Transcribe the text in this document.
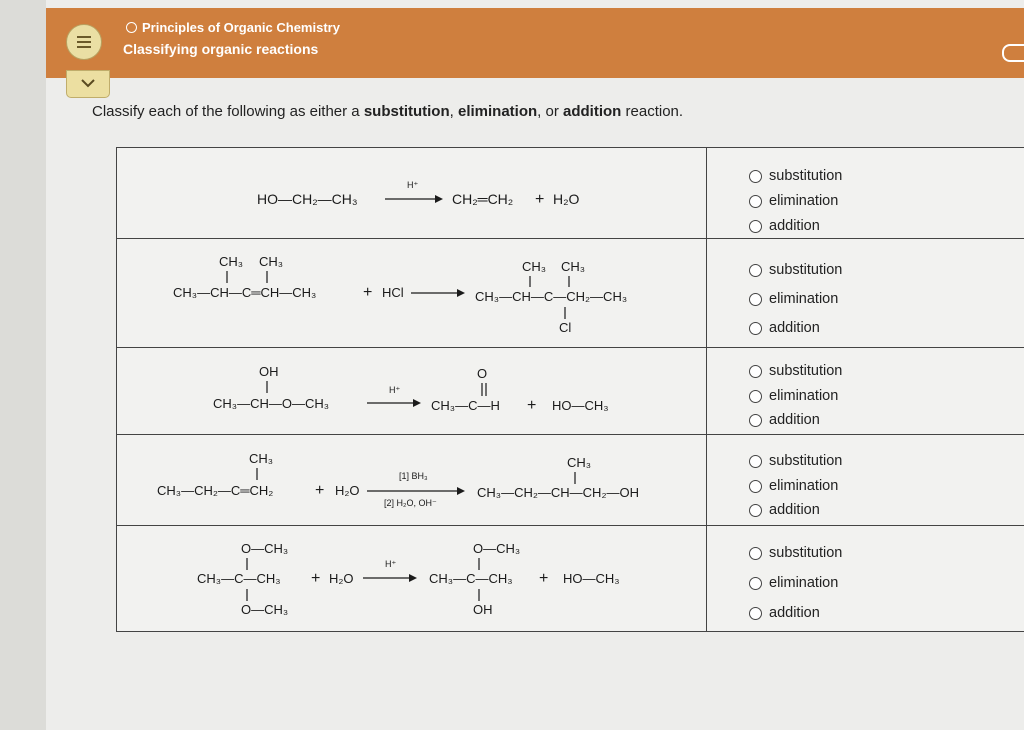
Principles of Organic Chemistry
Classifying organic reactions
Classify each of the following as either a substitution, elimination, or addition reaction.
HO—CH₂—CH₃
H⁺
CH₂═CH₂ + H₂O
substitution
elimination
addition
CH₃ CH₃
CH₃—CH—C═CH—CH₃	+ HCl
CH₃ CH₃
CH₃—CH—C—CH₂—CH₃
Cl
substitution
elimination
addition
OH
CH₃—CH—O—CH₃
H⁺
O
CH₃—C—H + HO—CH₃
substitution
elimination
addition
CH₃
CH₃—CH₂—C═CH₂	+ H₂O
[1] BH₃
[2] H₂O, OH⁻
CH₃
CH₃—CH₂—CH—CH₂—OH
substitution
elimination
addition
O—CH₃
CH₃—C—CH₃
O—CH₃
+ H₂O
H⁺
O—CH₃
CH₃—C—CH₃
OH
+ HO—CH₃
substitution
elimination
addition
